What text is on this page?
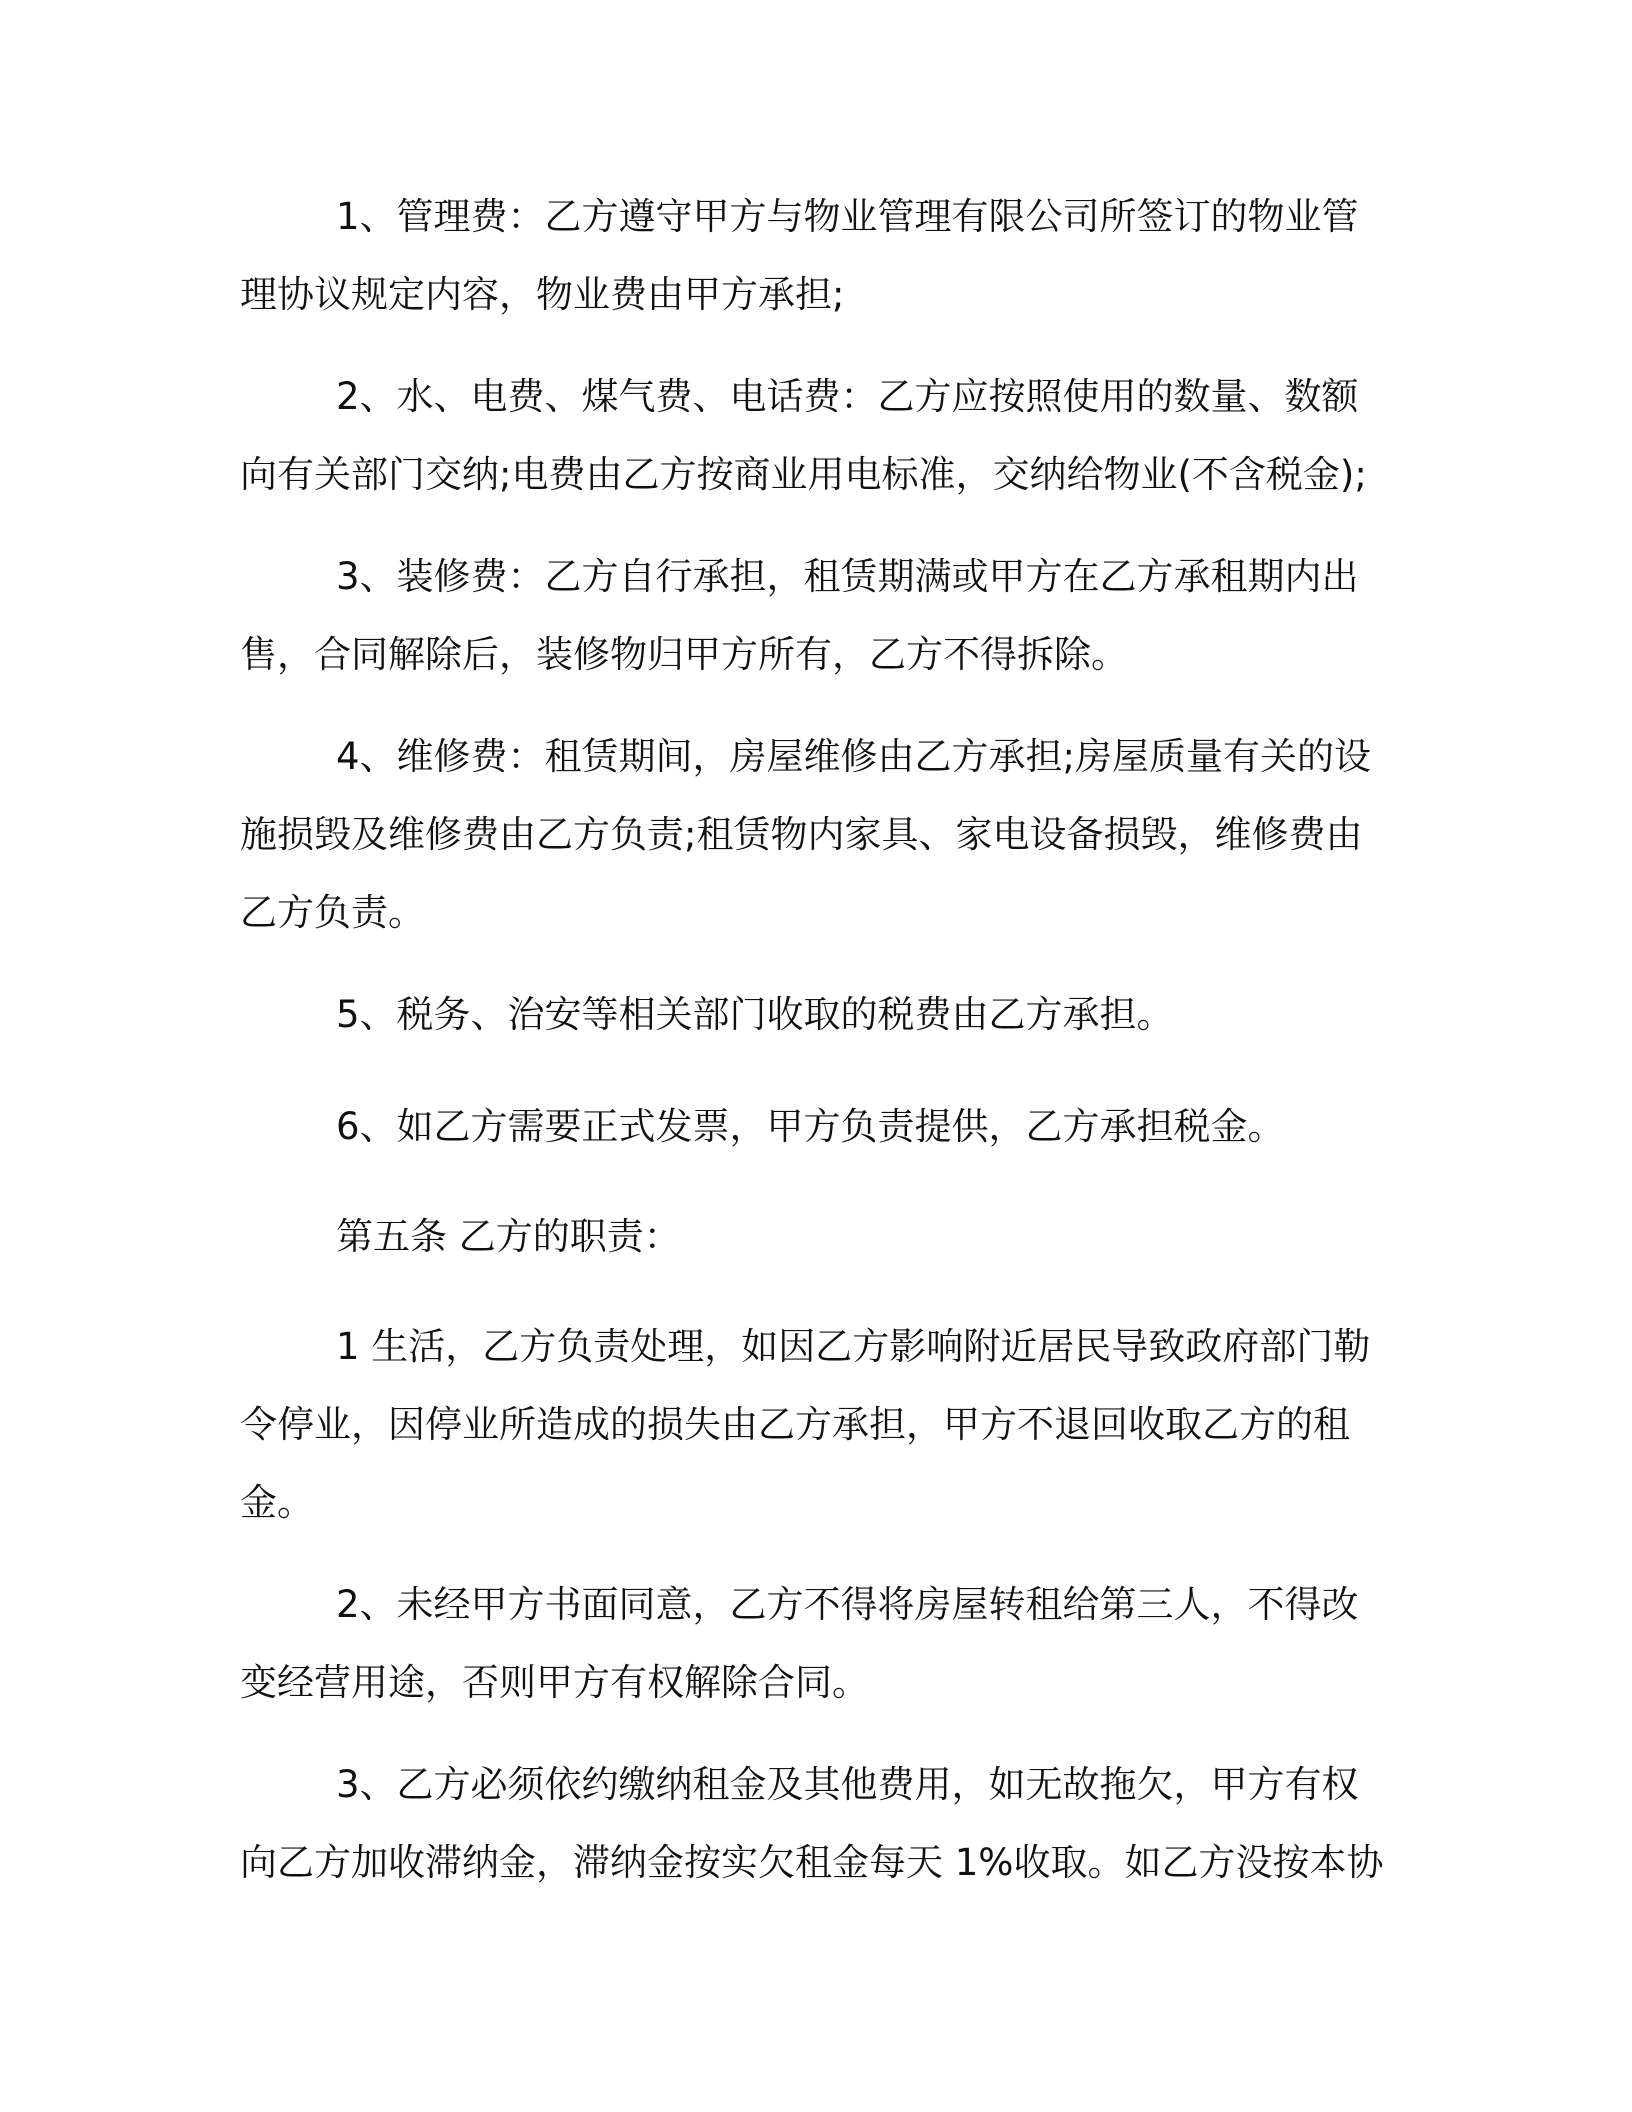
1、管理费：乙方遵守甲方与物业管理有限公司所签订的物业管
理协议规定内容，物业费由甲方承担;

2、水、电费、煤气费、电话费：乙方应按照使用的数量、数额
向有关部门交纳;电费由乙方按商业用电标准，交纳给物业(不含税金);

3、装修费：乙方自行承担，租赁期满或甲方在乙方承租期内出
售，合同解除后，装修物归甲方所有，乙方不得拆除。

4、维修费：租赁期间，房屋维修由乙方承担;房屋质量有关的设
施损毁及维修费由乙方负责;租赁物内家具、家电设备损毁，维修费由
乙方负责。

5、税务、治安等相关部门收取的税费由乙方承担。

6、如乙方需要正式发票，甲方负责提供，乙方承担税金。

第五条 乙方的职责：

1 生活，乙方负责处理，如因乙方影响附近居民导致政府部门勒
令停业，因停业所造成的损失由乙方承担，甲方不退回收取乙方的租
金。

2、未经甲方书面同意，乙方不得将房屋转租给第三人，不得改
变经营用途，否则甲方有权解除合同。

3、乙方必须依约缴纳租金及其他费用，如无故拖欠，甲方有权
向乙方加收滞纳金，滞纳金按实欠租金每天 1%收取。如乙方没按本协
